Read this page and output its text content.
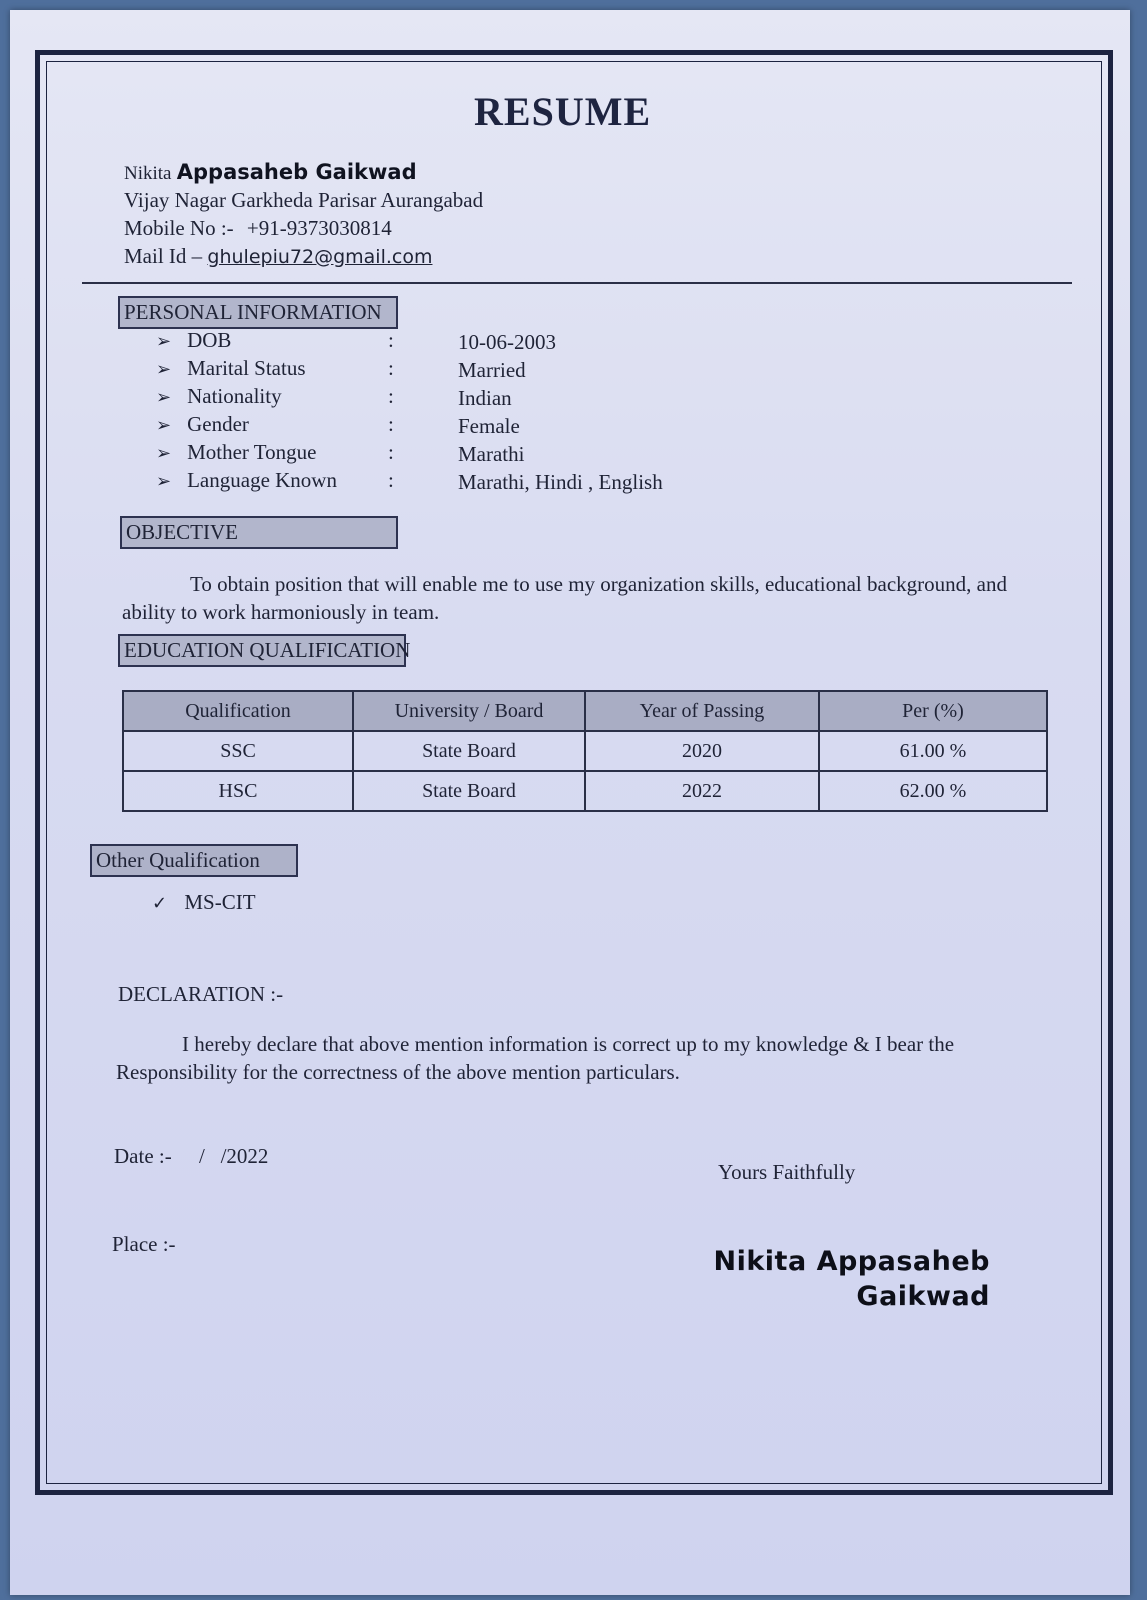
RESUME
Nikita Appasaheb Gaikwad
Vijay Nagar Garkheda Parisar Aurangabad
Mobile No :- +91-9373030814
Mail Id – ghulepiu72@gmail.com
PERSONAL INFORMATION
➢ DOB	:	10-06-2003
➢ Marital Status	:	Married
➢ Nationality	:	Indian
➢ Gender	:	Female
➢ Mother Tongue	:	Marathi
➢ Language Known :	Marathi, Hindi , English
OBJECTIVE
To obtain position that will enable me to use my organization skills, educational background, and
ability to work harmoniously in team.
EDUCATION QUALIFICATION
Qualification	University / Board	Year of Passing	Per (%)
SSC	State Board	2020	61.00 %
HSC	State Board	2022	62.00 %
Other Qualification
✓ MS-CIT
DECLARATION :-
I hereby declare that above mention information is correct up to my knowledge & I bear the
Responsibility for the correctness of the above mention particulars.
Date :- /   /2022
Yours Faithfully
Place :-
Nikita Appasaheb
Gaikwad
